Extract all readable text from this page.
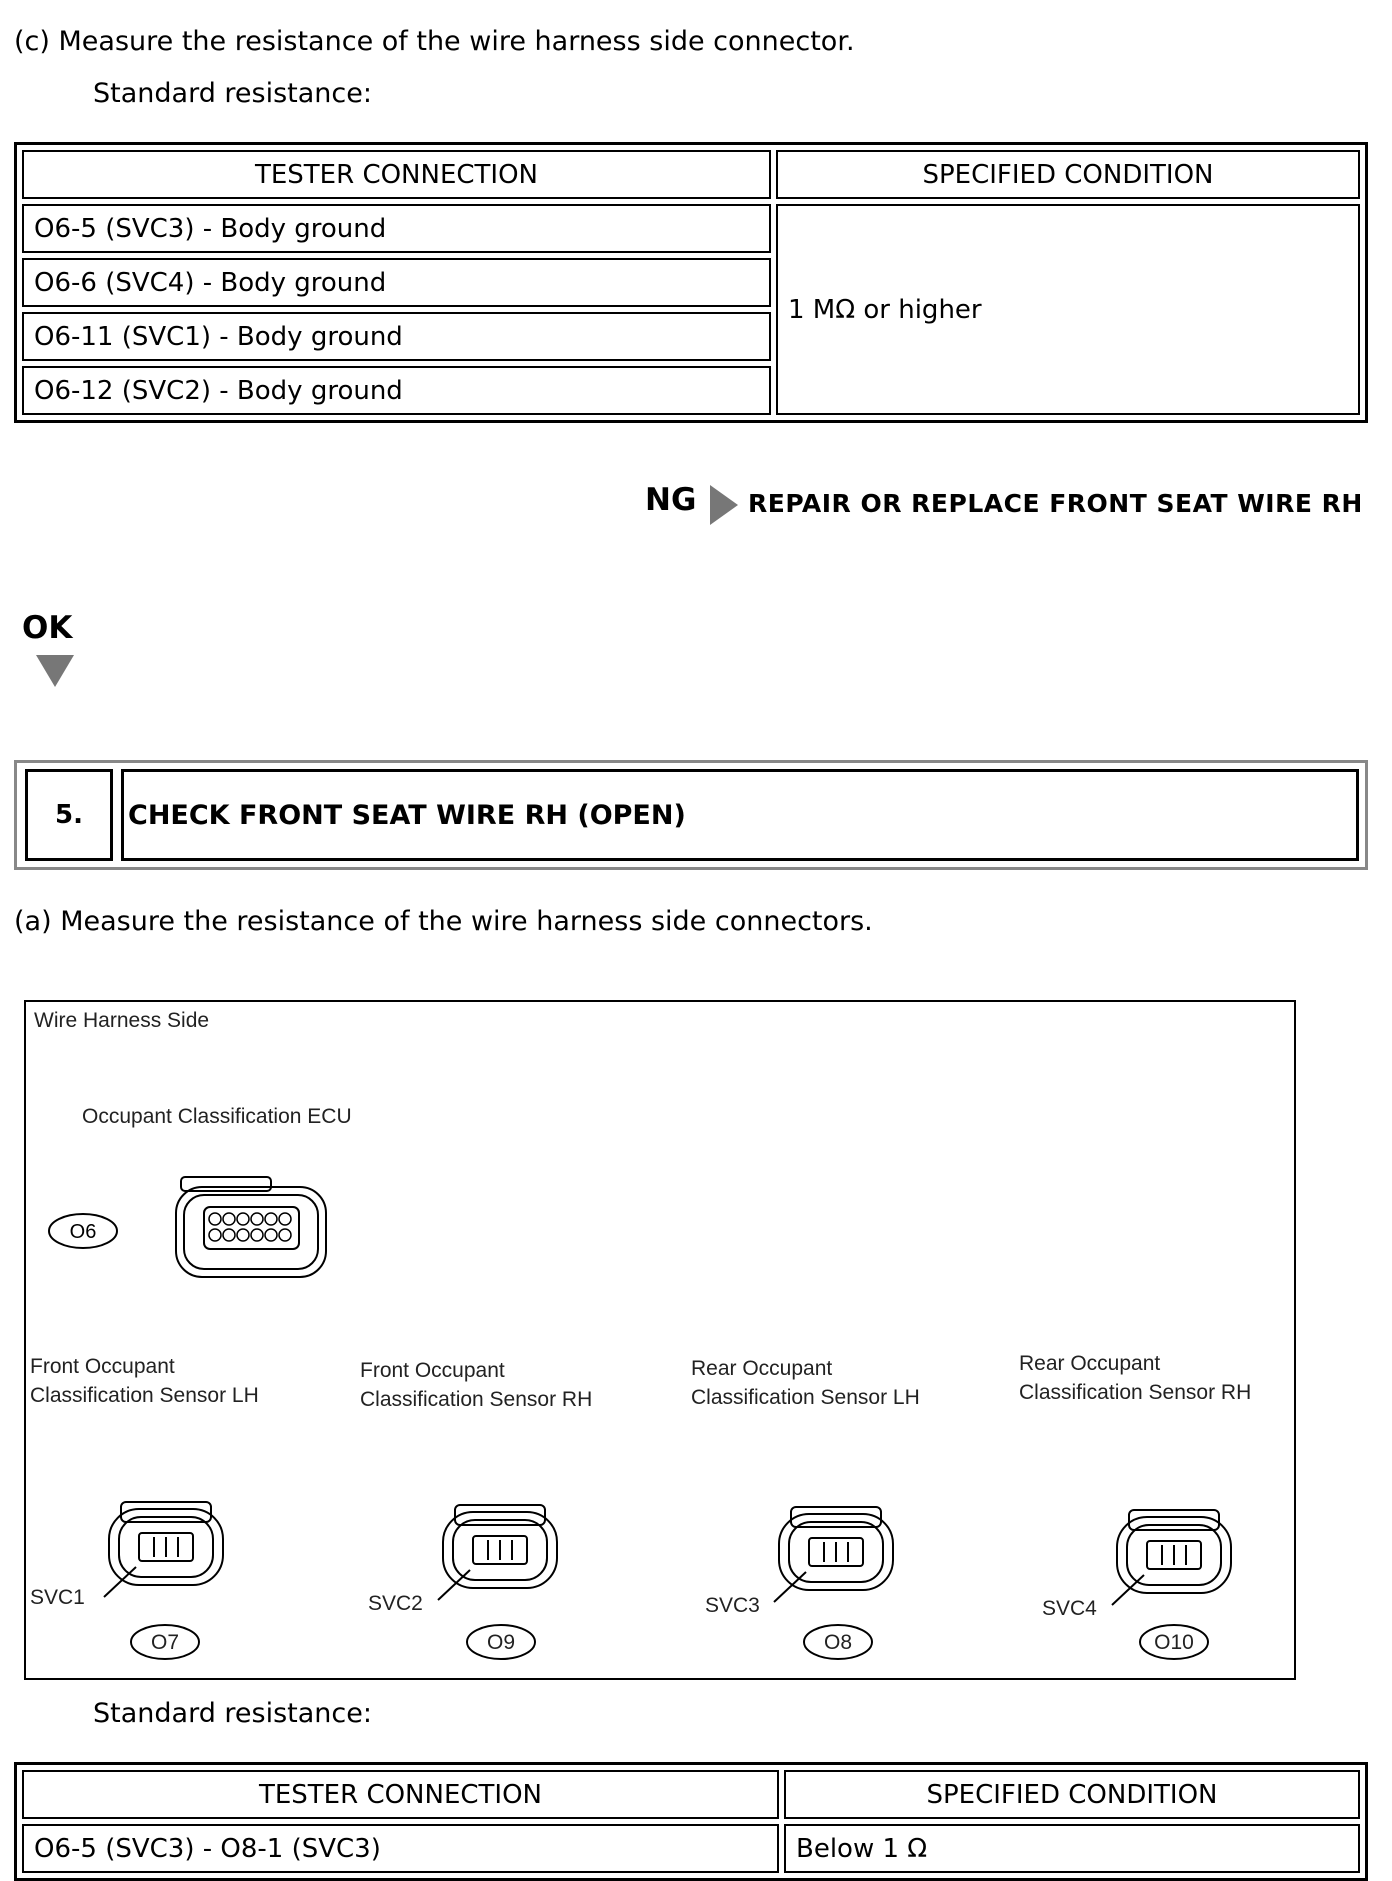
(c) Measure the resistance of the wire harness side connector.
Standard resistance:
TESTER CONNECTION	SPECIFIED CONDITION
O6-5 (SVC3) - Body ground	1 MΩ or higher
O6-6 (SVC4) - Body ground	
O6-11 (SVC1) - Body ground	
O6-12 (SVC2) - Body ground	
NG REPAIR OR REPLACE FRONT SEAT WIRE RH
OK
5.	CHECK FRONT SEAT WIRE RH (OPEN)
(a) Measure the resistance of the wire harness side connectors.
Wire Harness Side
Occupant Classification ECU
O6
SVC1	SVC2	SVC3	SVC4
O7	O9	O8	O10
Front Occupant
Classification Sensor LH
Front Occupant
Classification Sensor RH
Rear Occupant
Classification Sensor LH
Rear Occupant
Classification Sensor RH
Standard resistance:
TESTER CONNECTION	SPECIFIED CONDITION
O6-5 (SVC3) - O8-1 (SVC3)	Below 1 Ω
